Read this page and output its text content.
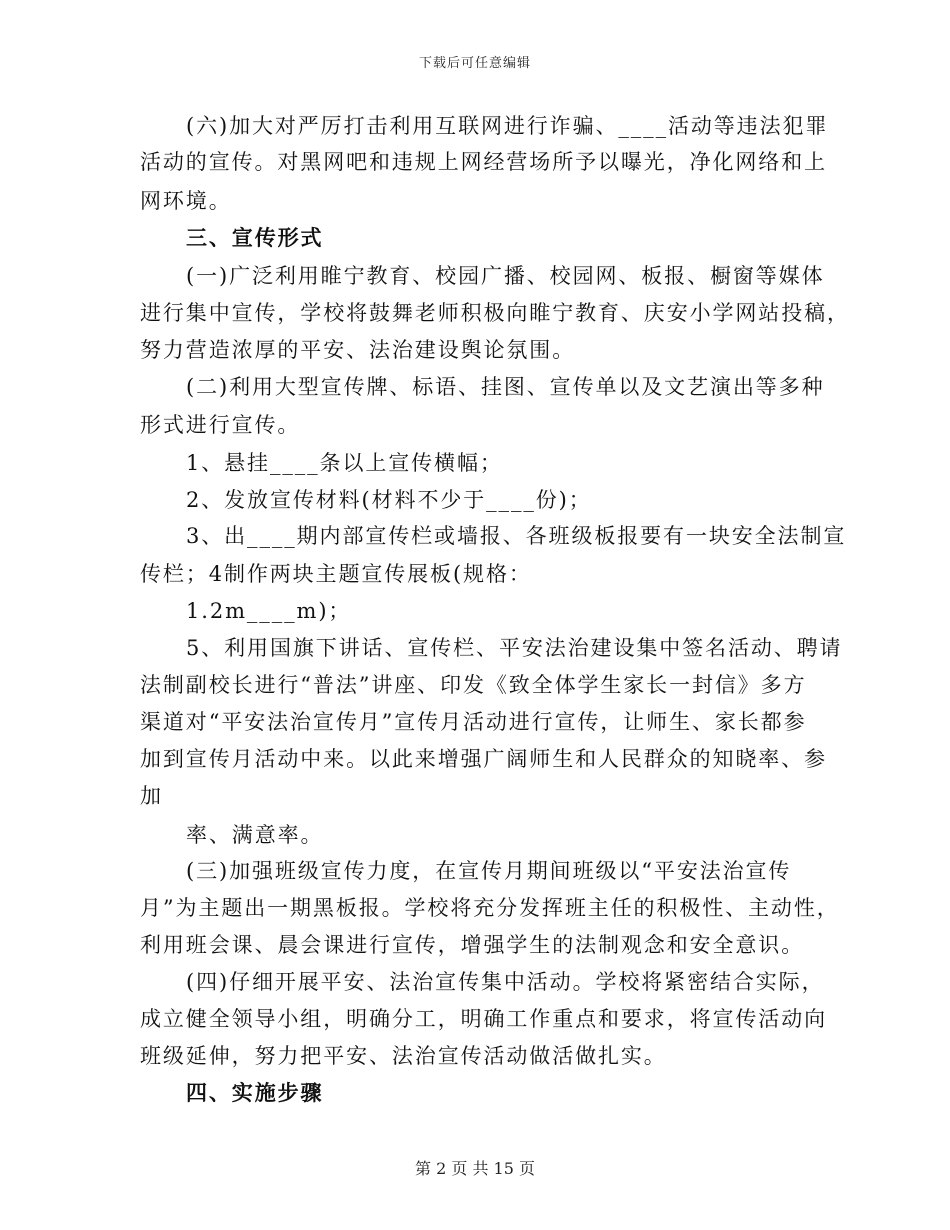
下载后可任意编辑
(六)加大对严厉打击利用互联网进行诈骗、____活动等违法犯罪
活动的宣传。对黑网吧和违规上网经营场所予以曝光，净化网络和上
网环境。
三、宣传形式
(一)广泛利用睢宁教育、校园广播、校园网、板报、橱窗等媒体
进行集中宣传，学校将鼓舞老师积极向睢宁教育、庆安小学网站投稿，
努力营造浓厚的平安、法治建设舆论氛围。
(二)利用大型宣传牌、标语、挂图、宣传单以及文艺演出等多种
形式进行宣传。
1、悬挂____条以上宣传横幅；
2、发放宣传材料(材料不少于____份)；
3、出____期内部宣传栏或墙报、各班级板报要有一块安全法制宣
传栏；4制作两块主题宣传展板(规格：
1.2m____m)；
5、利用国旗下讲话、宣传栏、平安法治建设集中签名活动、聘请
法制副校长进行“普法”讲座、印发《致全体学生家长一封信》多方
渠道对“平安法治宣传月”宣传月活动进行宣传，让师生、家长都参
加到宣传月活动中来。以此来增强广阔师生和人民群众的知晓率、参
加
率、满意率。
(三)加强班级宣传力度，在宣传月期间班级以“平安法治宣传
月”为主题出一期黑板报。学校将充分发挥班主任的积极性、主动性，
利用班会课、晨会课进行宣传，增强学生的法制观念和安全意识。
(四)仔细开展平安、法治宣传集中活动。学校将紧密结合实际，
成立健全领导小组，明确分工，明确工作重点和要求，将宣传活动向
班级延伸，努力把平安、法治宣传活动做活做扎实。
四、实施步骤
第 2 页 共 15 页
